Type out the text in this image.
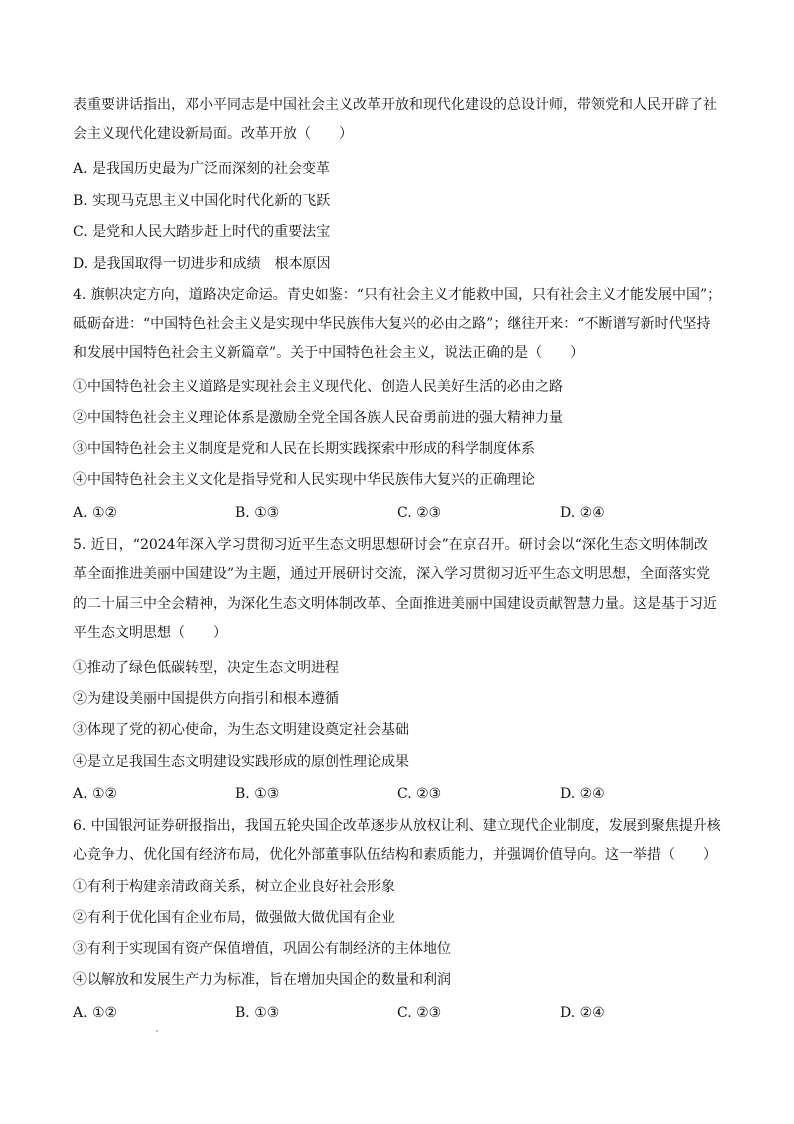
表重要讲话指出，邓小平同志是中国社会主义改革开放和现代化建设的总设计师，带领党和人民开辟了社
会主义现代化建设新局面。改革开放（　　）
A. 是我国历史最为广泛而深刻的社会变革
B. 实现马克思主义中国化时代化新的飞跃
C. 是党和人民大踏步赶上时代的重要法宝
D. 是我国取得一切进步和成绩　根本原因
4. 旗帜决定方向，道路决定命运。青史如鉴：“只有社会主义才能救中国，只有社会主义才能发展中国”；
砥砺奋进：“中国特色社会主义是实现中华民族伟大复兴的必由之路”；继往开来：“不断谱写新时代坚持
和发展中国特色社会主义新篇章”。关于中国特色社会主义，说法正确的是（　　）
①中国特色社会主义道路是实现社会主义现代化、创造人民美好生活的必由之路
②中国特色社会主义理论体系是激励全党全国各族人民奋勇前进的强大精神力量
③中国特色社会主义制度是党和人民在长期实践探索中形成的科学制度体系
④中国特色社会主义文化是指导党和人民实现中华民族伟大复兴的正确理论
A. ①②	B. ①③	C. ②③	D. ②④
5. 近日，“2024年深入学习贯彻习近平生态文明思想研讨会”在京召开。研讨会以“深化生态文明体制改
革全面推进美丽中国建设”为主题，通过开展研讨交流，深入学习贯彻习近平生态文明思想，全面落实党
的二十届三中全会精神，为深化生态文明体制改革、全面推进美丽中国建设贡献智慧力量。这是基于习近
平生态文明思想（　　）
①推动了绿色低碳转型，决定生态文明进程
②为建设美丽中国提供方向指引和根本遵循
③体现了党的初心使命，为生态文明建设奠定社会基础
④是立足我国生态文明建设实践形成的原创性理论成果
A. ①②	B. ①③	C. ②③	D. ②④
6. 中国银河证券研报指出，我国五轮央国企改革逐步从放权让利、建立现代企业制度，发展到聚焦提升核
心竞争力、优化国有经济布局，优化外部董事队伍结构和素质能力，并强调价值导向。这一举措（　　）
①有利于构建亲清政商关系，树立企业良好社会形象
②有利于优化国有企业布局，做强做大做优国有企业
③有利于实现国有资产保值增值，巩固公有制经济的主体地位
④以解放和发展生产力为标准，旨在增加央国企的数量和利润
A. ①②	B. ①③	C. ②③	D. ②④
